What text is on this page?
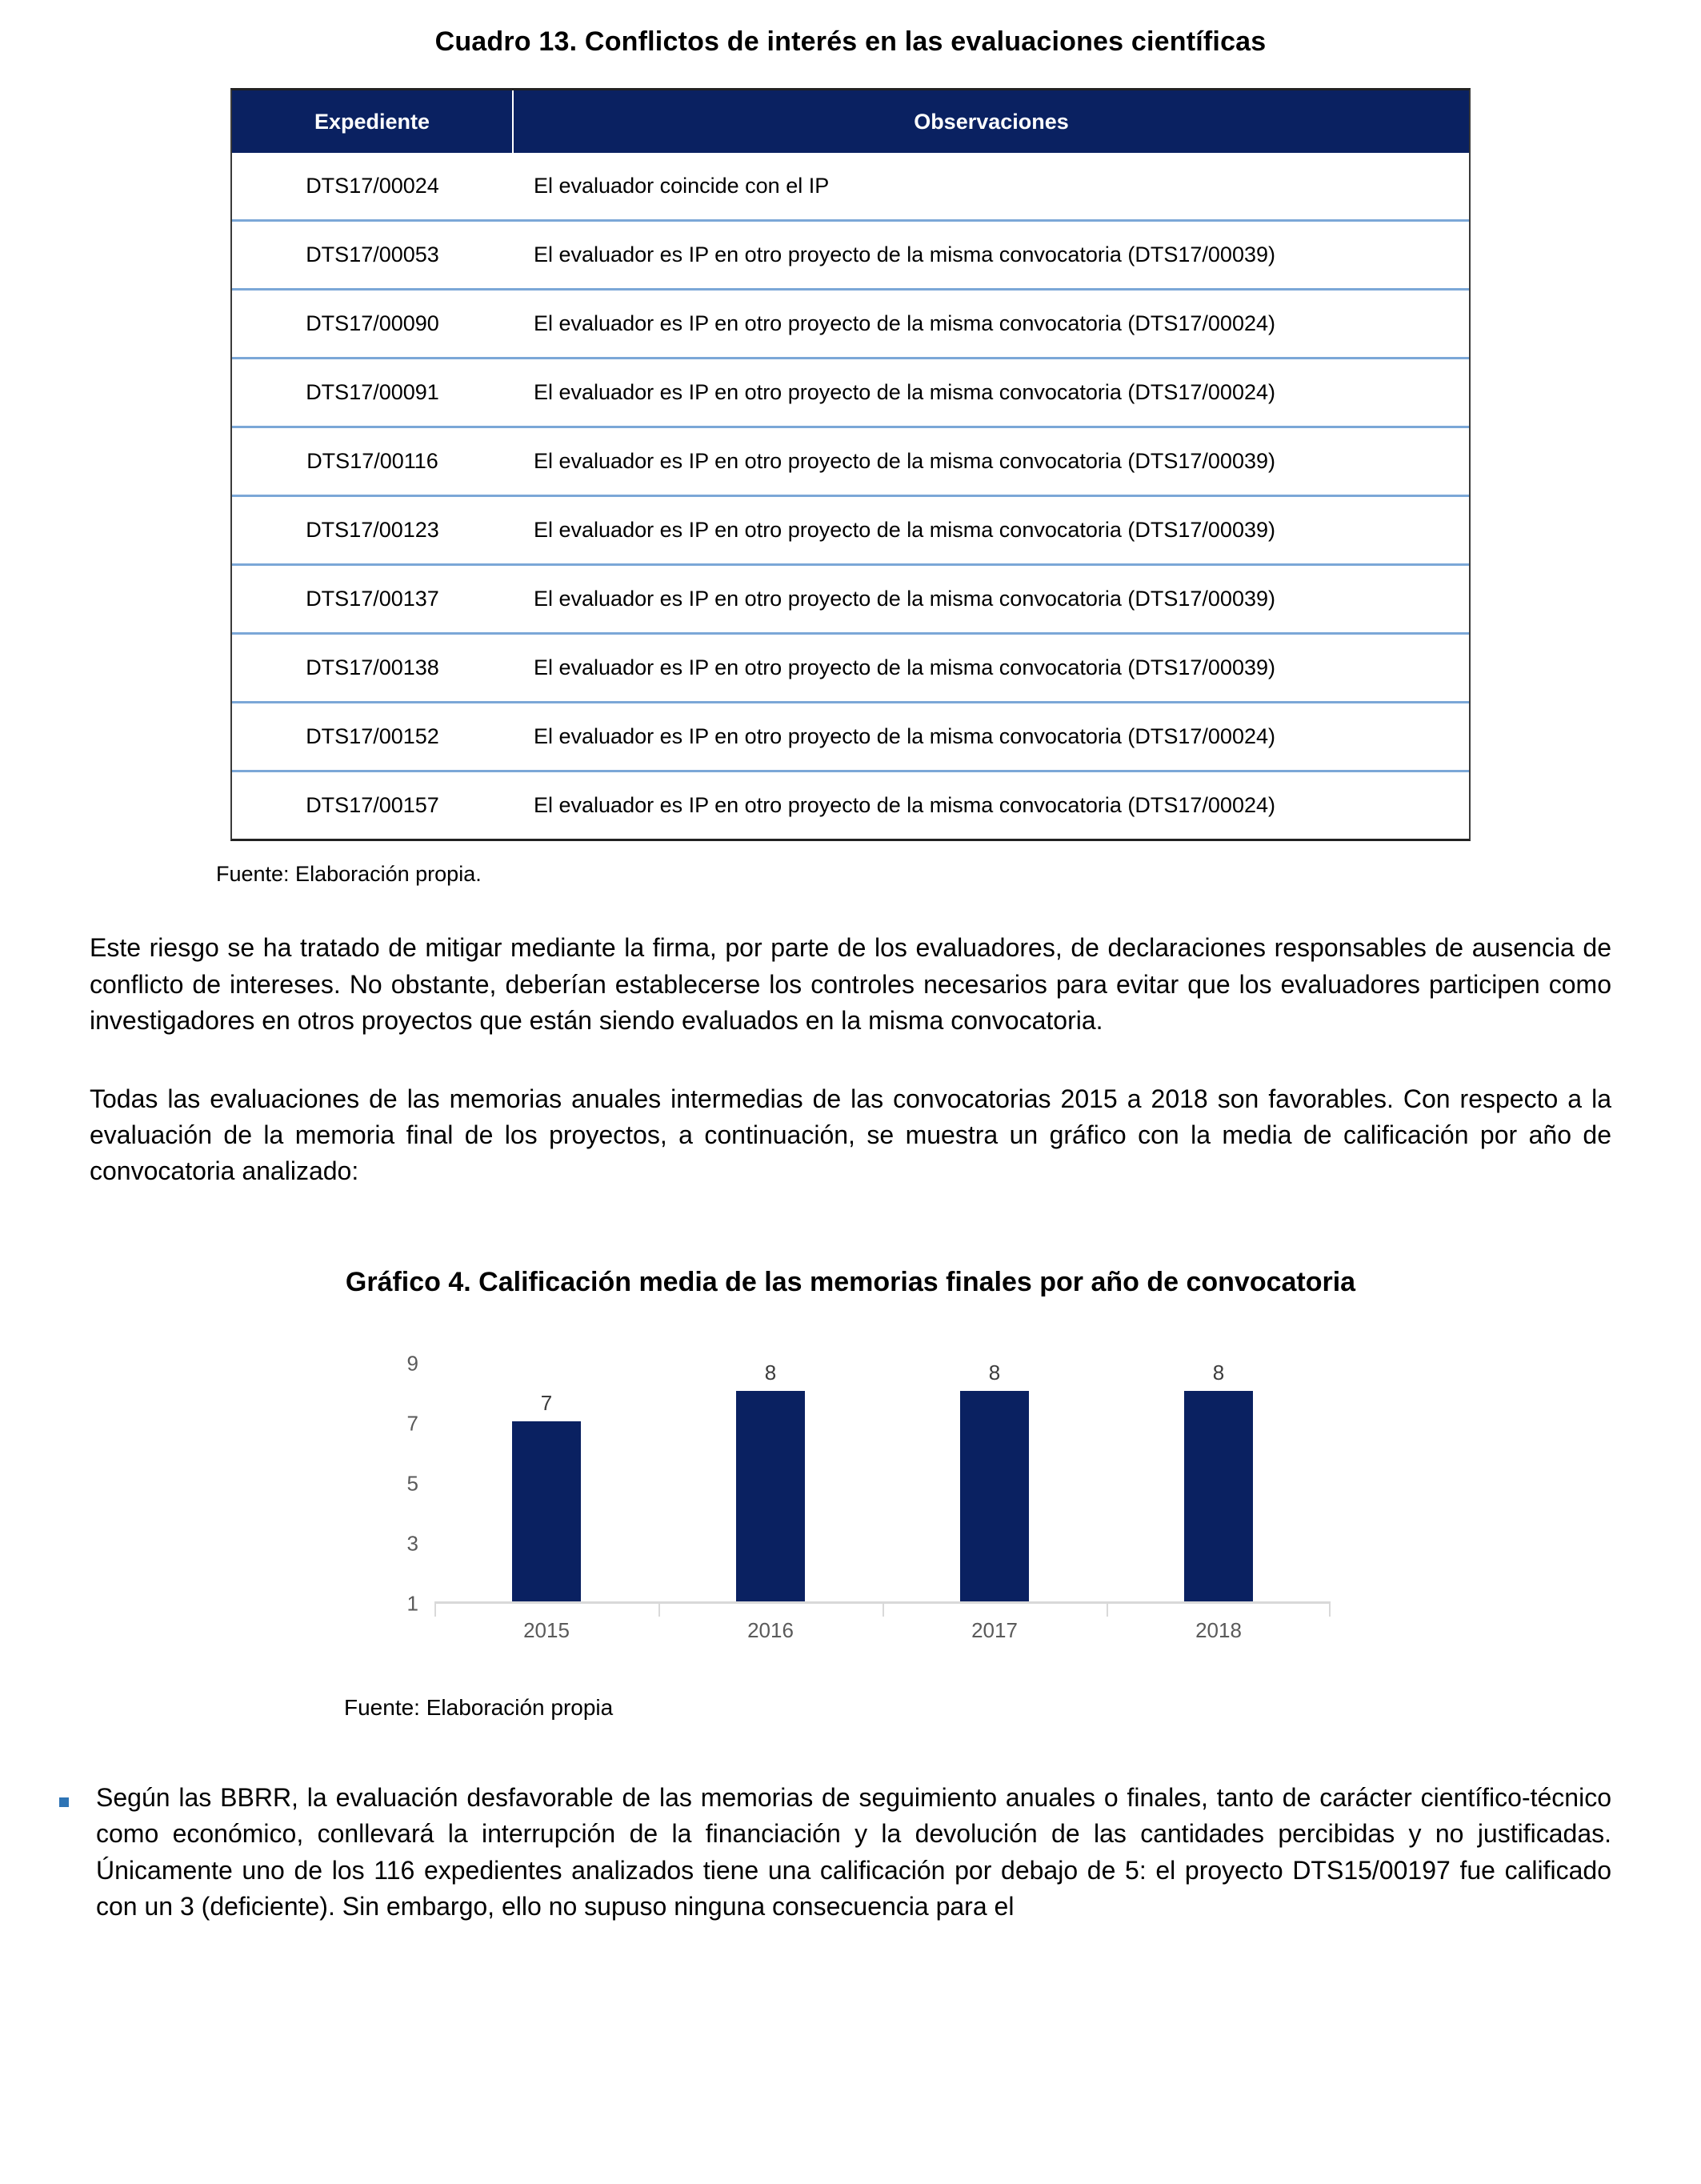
Cuadro 13. Conflictos de interés en las evaluaciones científicas
Expediente	Observaciones
DTS17/00024	El evaluador coincide con el IP
DTS17/00053	El evaluador es IP en otro proyecto de la misma convocatoria (DTS17/00039)
DTS17/00090	El evaluador es IP en otro proyecto de la misma convocatoria (DTS17/00024)
DTS17/00091	El evaluador es IP en otro proyecto de la misma convocatoria (DTS17/00024)
DTS17/00116	El evaluador es IP en otro proyecto de la misma convocatoria (DTS17/00039)
DTS17/00123	El evaluador es IP en otro proyecto de la misma convocatoria (DTS17/00039)
DTS17/00137	El evaluador es IP en otro proyecto de la misma convocatoria (DTS17/00039)
DTS17/00138	El evaluador es IP en otro proyecto de la misma convocatoria (DTS17/00039)
DTS17/00152	El evaluador es IP en otro proyecto de la misma convocatoria (DTS17/00024)
DTS17/00157	El evaluador es IP en otro proyecto de la misma convocatoria (DTS17/00024)
Fuente: Elaboración propia.

Este riesgo se ha tratado de mitigar mediante la firma, por parte de los evaluadores, de declaraciones responsables de ausencia de conflicto de intereses. No obstante, deberían establecerse los controles necesarios para evitar que los evaluadores participen como investigadores en otros proyectos que están siendo evaluados en la misma convocatoria.

Todas las evaluaciones de las memorias anuales intermedias de las convocatorias 2015 a 2018 son favorables. Con respecto a la evaluación de la memoria final de los proyectos, a continuación, se muestra un gráfico con la media de calificación por año de convocatoria analizado:

Gráfico 4. Calificación media de las memorias finales por año de convocatoria
9
7
5
3
1
7
8	8	8
2015	2016	2017	2018
Fuente: Elaboración propia
Según las BBRR, la evaluación desfavorable de las memorias de seguimiento anuales o finales, tanto de carácter científico-técnico como económico, conllevará la interrupción de la financiación y la devolución de las cantidades percibidas y no justificadas. Únicamente uno de los 116 expedientes analizados tiene una calificación por debajo de 5: el proyecto DTS15/00197 fue calificado con un 3 (deficiente). Sin embargo, ello no supuso ninguna consecuencia para el
